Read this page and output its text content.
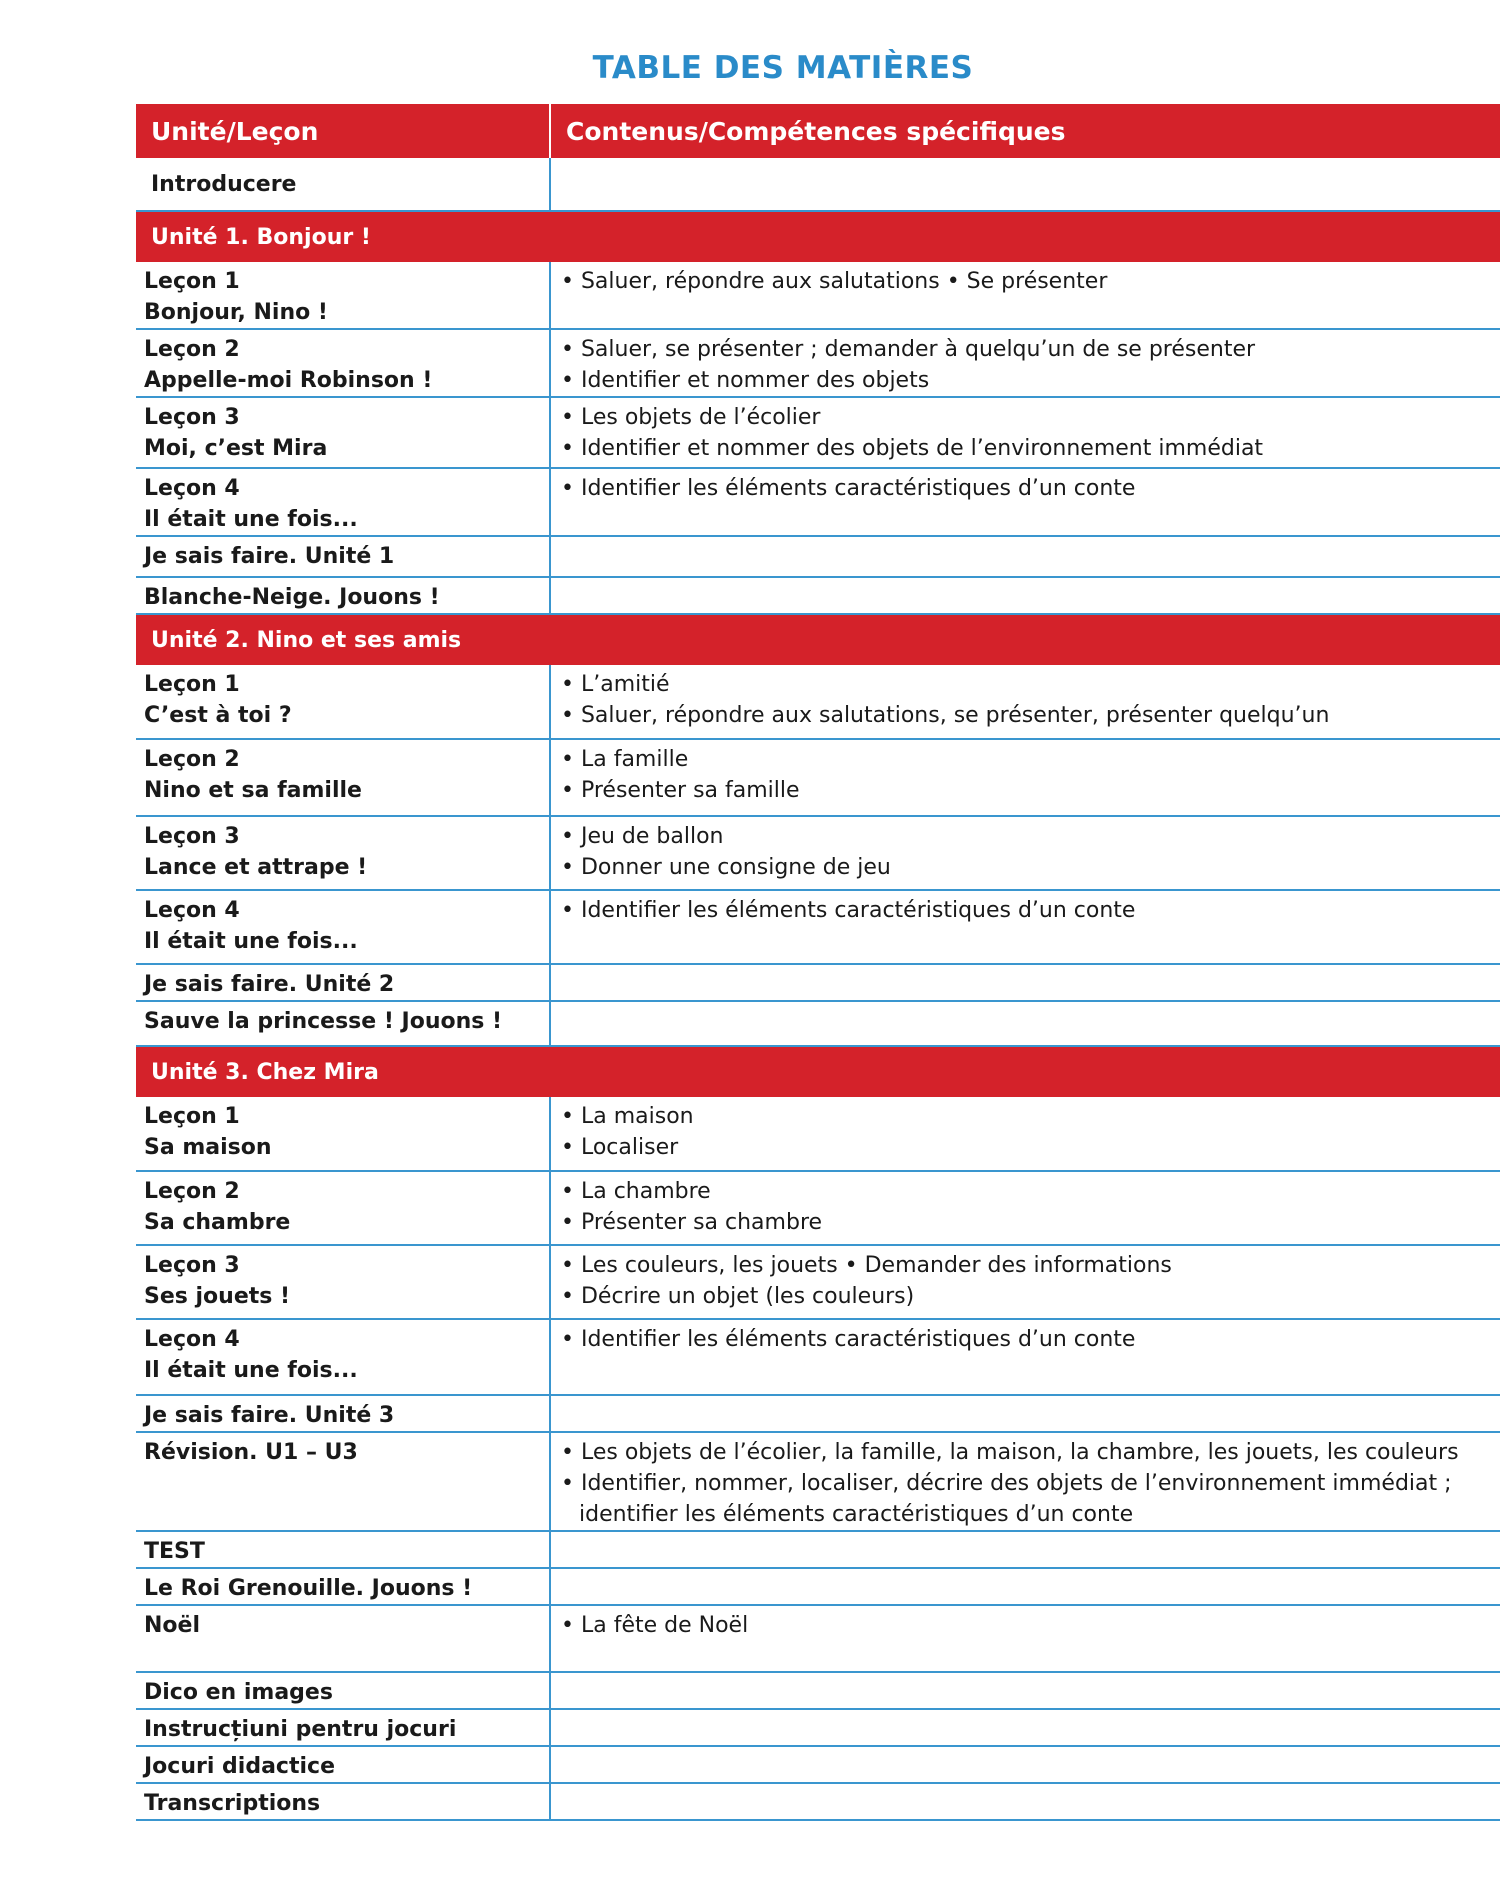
TABLE DES MATIÈRES
Unité/Leçon	Contenus/Compétences spécifiques
Introducere	
Unité 1. Bonjour !	

Leçon 1
Bonjour, Nino !	• Saluer, répondre aux salutations • Se présenter

Leçon 2
Appelle-moi Robinson !	• Saluer, se présenter ; demander à quelqu’un de se présenter
• Identifier et nommer des objets

Leçon 3
Moi, c’est Mira	• Les objets de l’écolier
• Identifier et nommer des objets de l’environnement immédiat

Leçon 4
Il était une fois...	• Identifier les éléments caractéristiques d’un conte

Je sais faire. Unité 1	
Blanche-Neige. Jouons !	
Unité 2. Nino et ses amis	

Leçon 1
C’est à toi ?	• L’amitié
• Saluer, répondre aux salutations, se présenter, présenter quelqu’un

Leçon 2
Nino et sa famille	• La famille
• Présenter sa famille

Leçon 3
Lance et attrape !	• Jeu de ballon
• Donner une consigne de jeu

Leçon 4
Il était une fois...	• Identifier les éléments caractéristiques d’un conte

Je sais faire. Unité 2	
Sauve la princesse ! Jouons !	
Unité 3. Chez Mira	

Leçon 1
Sa maison	• La maison
• Localiser

Leçon 2
Sa chambre	• La chambre
• Présenter sa chambre

Leçon 3
Ses jouets !	• Les couleurs, les jouets • Demander des informations
• Décrire un objet (les couleurs)

Leçon 4
Il était une fois...	• Identifier les éléments caractéristiques d’un conte

Je sais faire. Unité 3	
Révision. U1 – U3	• Les objets de l’écolier, la famille, la maison, la chambre, les jouets, les couleurs
• Identifier, nommer, localiser, décrire des objets de l’environnement immédiat ;
identifier les éléments caractéristiques d’un conte

TEST	
Le Roi Grenouille. Jouons !	
Noël	• La fête de Noël

Dico en images	
Instrucțiuni pentru jocuri	
Jocuri didactice	
Transcriptions	
